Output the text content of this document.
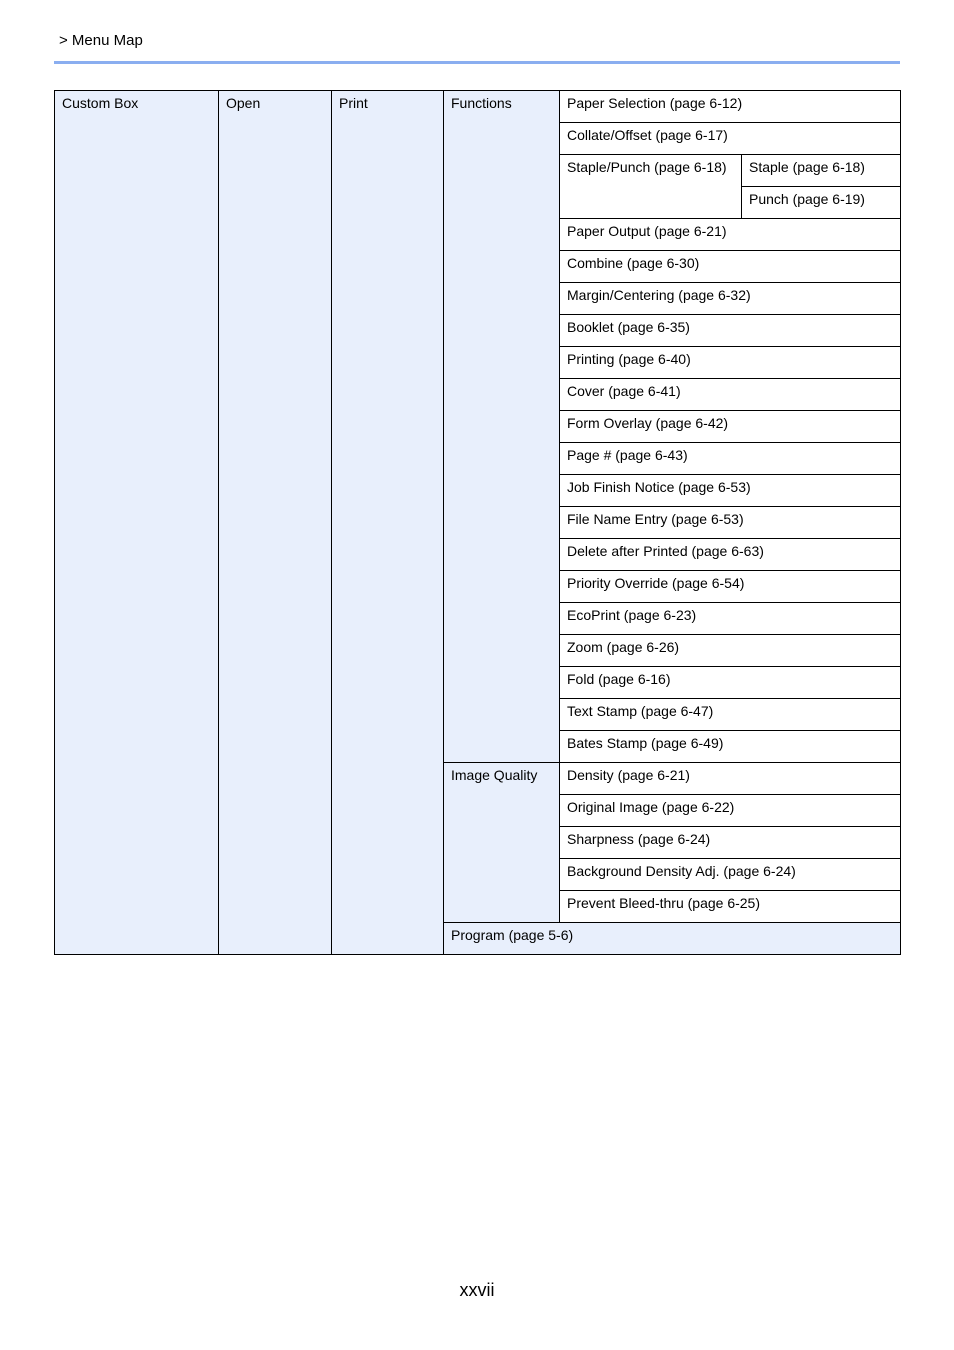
> Menu Map
Custom Box	Open	Print	Functions	Paper Selection (page 6-12)	
				Collate/Offset (page 6-17)	
				Staple/Punch (page 6-18)	Staple (page 6-18)
					Punch (page 6-19)
				Paper Output (page 6-21)	
				Combine (page 6-30)	
				Margin/Centering (page 6-32)	
				Booklet (page 6-35)	
				Printing (page 6-40)	
				Cover (page 6-41)	
				Form Overlay (page 6-42)	
				Page # (page 6-43)	
				Job Finish Notice (page 6-53)	
				File Name Entry (page 6-53)	
				Delete after Printed (page 6-63)	
				Priority Override (page 6-54)	
				EcoPrint (page 6-23)	
				Zoom (page 6-26)	
				Fold (page 6-16)	
				Text Stamp (page 6-47)	
				Bates Stamp (page 6-49)	
			Image Quality	Density (page 6-21)	
				Original Image (page 6-22)	
				Sharpness (page 6-24)	
				Background Density Adj. (page 6-24)	
				Prevent Bleed-thru (page 6-25)	
			Program (page 5-6)		
xxvii
